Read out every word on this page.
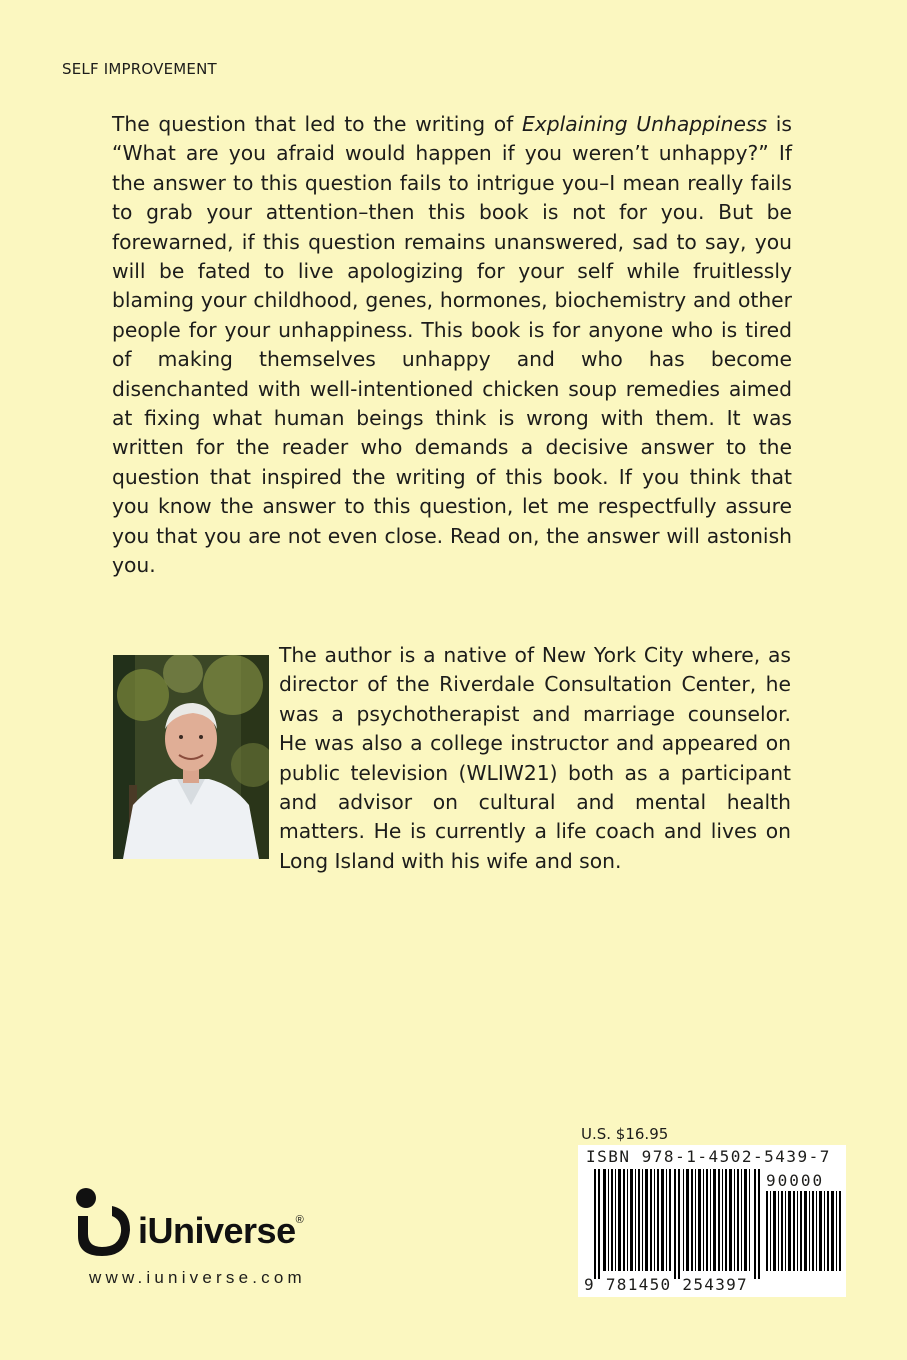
SELF IMPROVEMENT

The question that led to the writing of Explaining Unhappiness is “What are you afraid would happen if you weren’t unhappy?” If the answer to this question fails to intrigue you–I mean really fails to grab your attention–then this book is not for you. But be forewarned, if this question remains unanswered, sad to say, you will be fated to live apologizing for your self while fruitlessly blaming your childhood, genes, hormones, biochemistry and other people for your unhappiness. This book is for anyone who is tired of making themselves unhappy and who has become disenchanted with well-intentioned chicken soup remedies aimed at fixing what human beings think is wrong with them. It was written for the reader who demands a decisive answer to the question that inspired the writing of this book. If you think that you know the answer to this question, let me respectfully assure you that you are not even close. Read on, the answer will astonish you.

The author is a native of New York City where, as director of the Riverdale Consultation Center, he was a psychotherapist and marriage counselor. He was also a college instructor and appeared on public television (WLIW21) both as a participant and advisor on cultural and mental health matters. He is currently a life coach and lives on Long Island with his wife and son.
U.S. $16.95
ISBN 978-1-4502-5439-7
90000
9 781450 254397
iUniverse®
www.iuniverse.com
